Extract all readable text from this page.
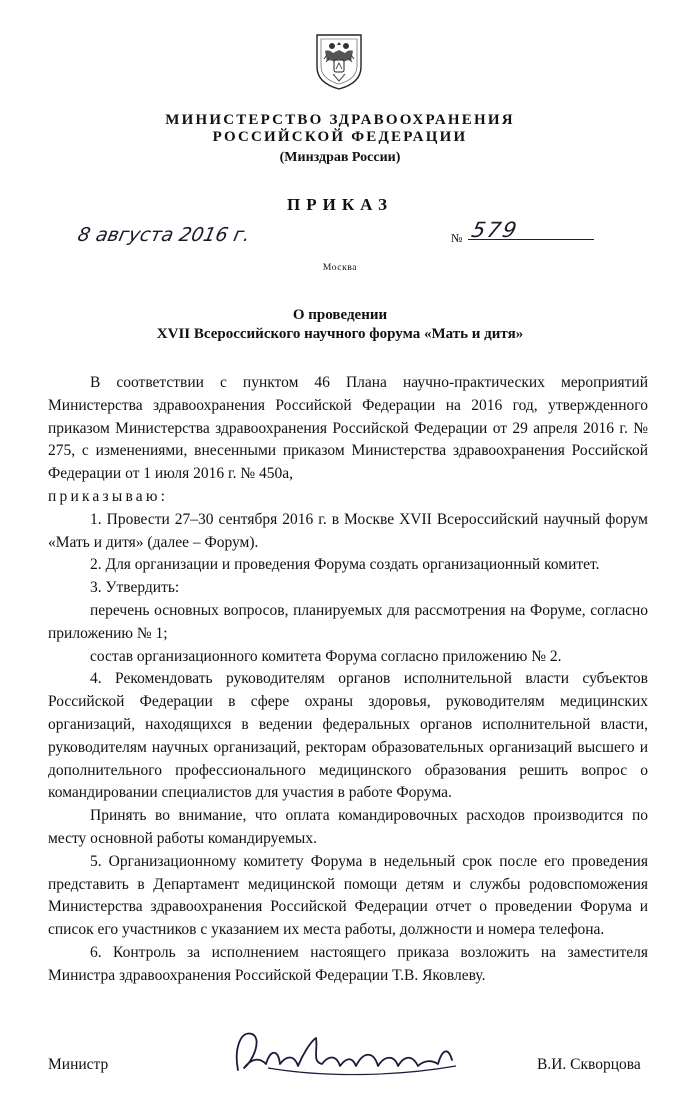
МИНИСТЕРСТВО ЗДРАВООХРАНЕНИЯ
РОССИЙСКОЙ ФЕДЕРАЦИИ
(Минздрав России)
ПРИКАЗ
8 августа 2016 г.	№ 579
Москва
О проведении
XVII Всероссийского научного форума «Мать и дитя»

В соответствии с пунктом 46 Плана научно-практических мероприятий Министерства здравоохранения Российской Федерации на 2016 год, утвержденного приказом Министерства здравоохранения Российской Федерации от 29 апреля 2016 г. № 275, с изменениями, внесенными приказом Министерства здравоохранения Российской Федерации от 1 июля 2016 г. № 450а,

приказываю:

1. Провести 27–30 сентября 2016 г. в Москве XVII Всероссийский научный форум «Мать и дитя» (далее – Форум).

2. Для организации и проведения Форума создать организационный комитет.

3. Утвердить:

перечень основных вопросов, планируемых для рассмотрения на Форуме, согласно приложению № 1;

состав организационного комитета Форума согласно приложению № 2.

4. Рекомендовать руководителям органов исполнительной власти субъектов Российской Федерации в сфере охраны здоровья, руководителям медицинских организаций, находящихся в ведении федеральных органов исполнительной власти, руководителям научных организаций, ректорам образовательных организаций высшего и дополнительного профессионального медицинского образования решить вопрос о командировании специалистов для участия в работе Форума.

Принять во внимание, что оплата командировочных расходов производится по месту основной работы командируемых.

5. Организационному комитету Форума в недельный срок после его проведения представить в Департамент медицинской помощи детям и службы родовспоможения Министерства здравоохранения Российской Федерации отчет о проведении Форума и список его участников с указанием их места работы, должности и номера телефона.

6. Контроль за исполнением настоящего приказа возложить на заместителя Министра здравоохранения Российской Федерации Т.В. Яковлеву.

Министр	В.И. Скворцова
